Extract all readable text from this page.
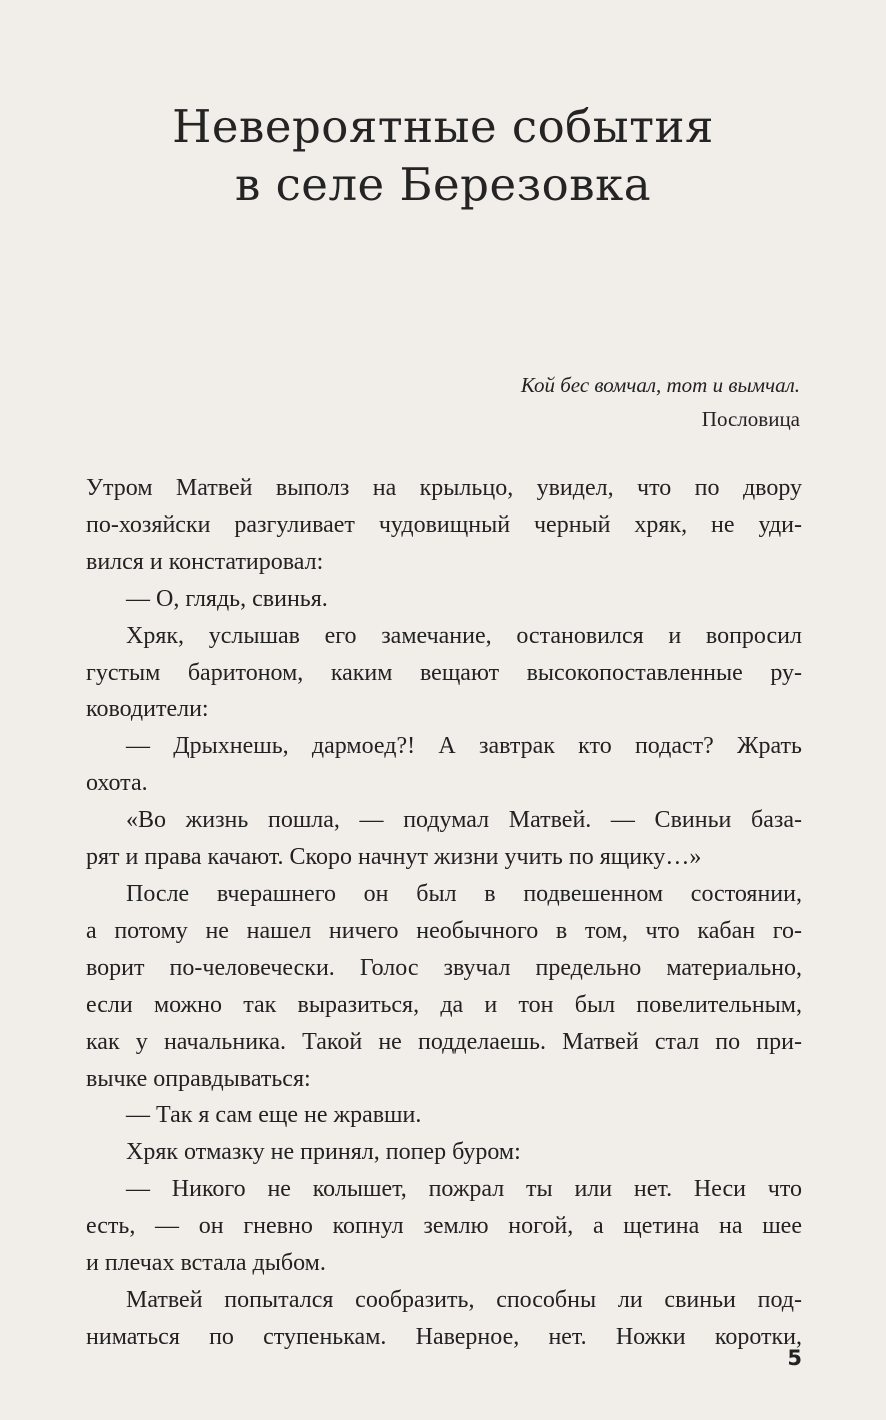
Невероятные события
в селе Березовка
Кой бес вомчал, тот и вымчал.
Пословица
Утром Матвей выполз на крыльцо, увидел, что по двору
по-хозяйски разгуливает чудовищный черный хряк, не уди-
вился и констатировал:
— О, глядь, свинья.
Хряк, услышав его замечание, остановился и вопросил
густым баритоном, каким вещают высокопоставленные ру-
ководители:
— Дрыхнешь, дармоед?! А завтрак кто подаст? Жрать
охота.
«Во жизнь пошла, — подумал Матвей. — Свиньи база-
рят и права качают. Скоро начнут жизни учить по ящику…»
После вчерашнего он был в подвешенном состоянии,
а потому не нашел ничего необычного в том, что кабан го-
ворит по-человечески. Голос звучал предельно материально,
если можно так выразиться, да и тон был повелительным,
как у начальника. Такой не подделаешь. Матвей стал по при-
вычке оправдываться:
— Так я сам еще не жравши.
Хряк отмазку не принял, попер буром:
— Никого не колышет, пожрал ты или нет. Неси что
есть, — он гневно копнул землю ногой, а щетина на шее
и плечах встала дыбом.
Матвей попытался сообразить, способны ли свиньи под-
ниматься по ступенькам. Наверное, нет. Ножки коротки,
5
